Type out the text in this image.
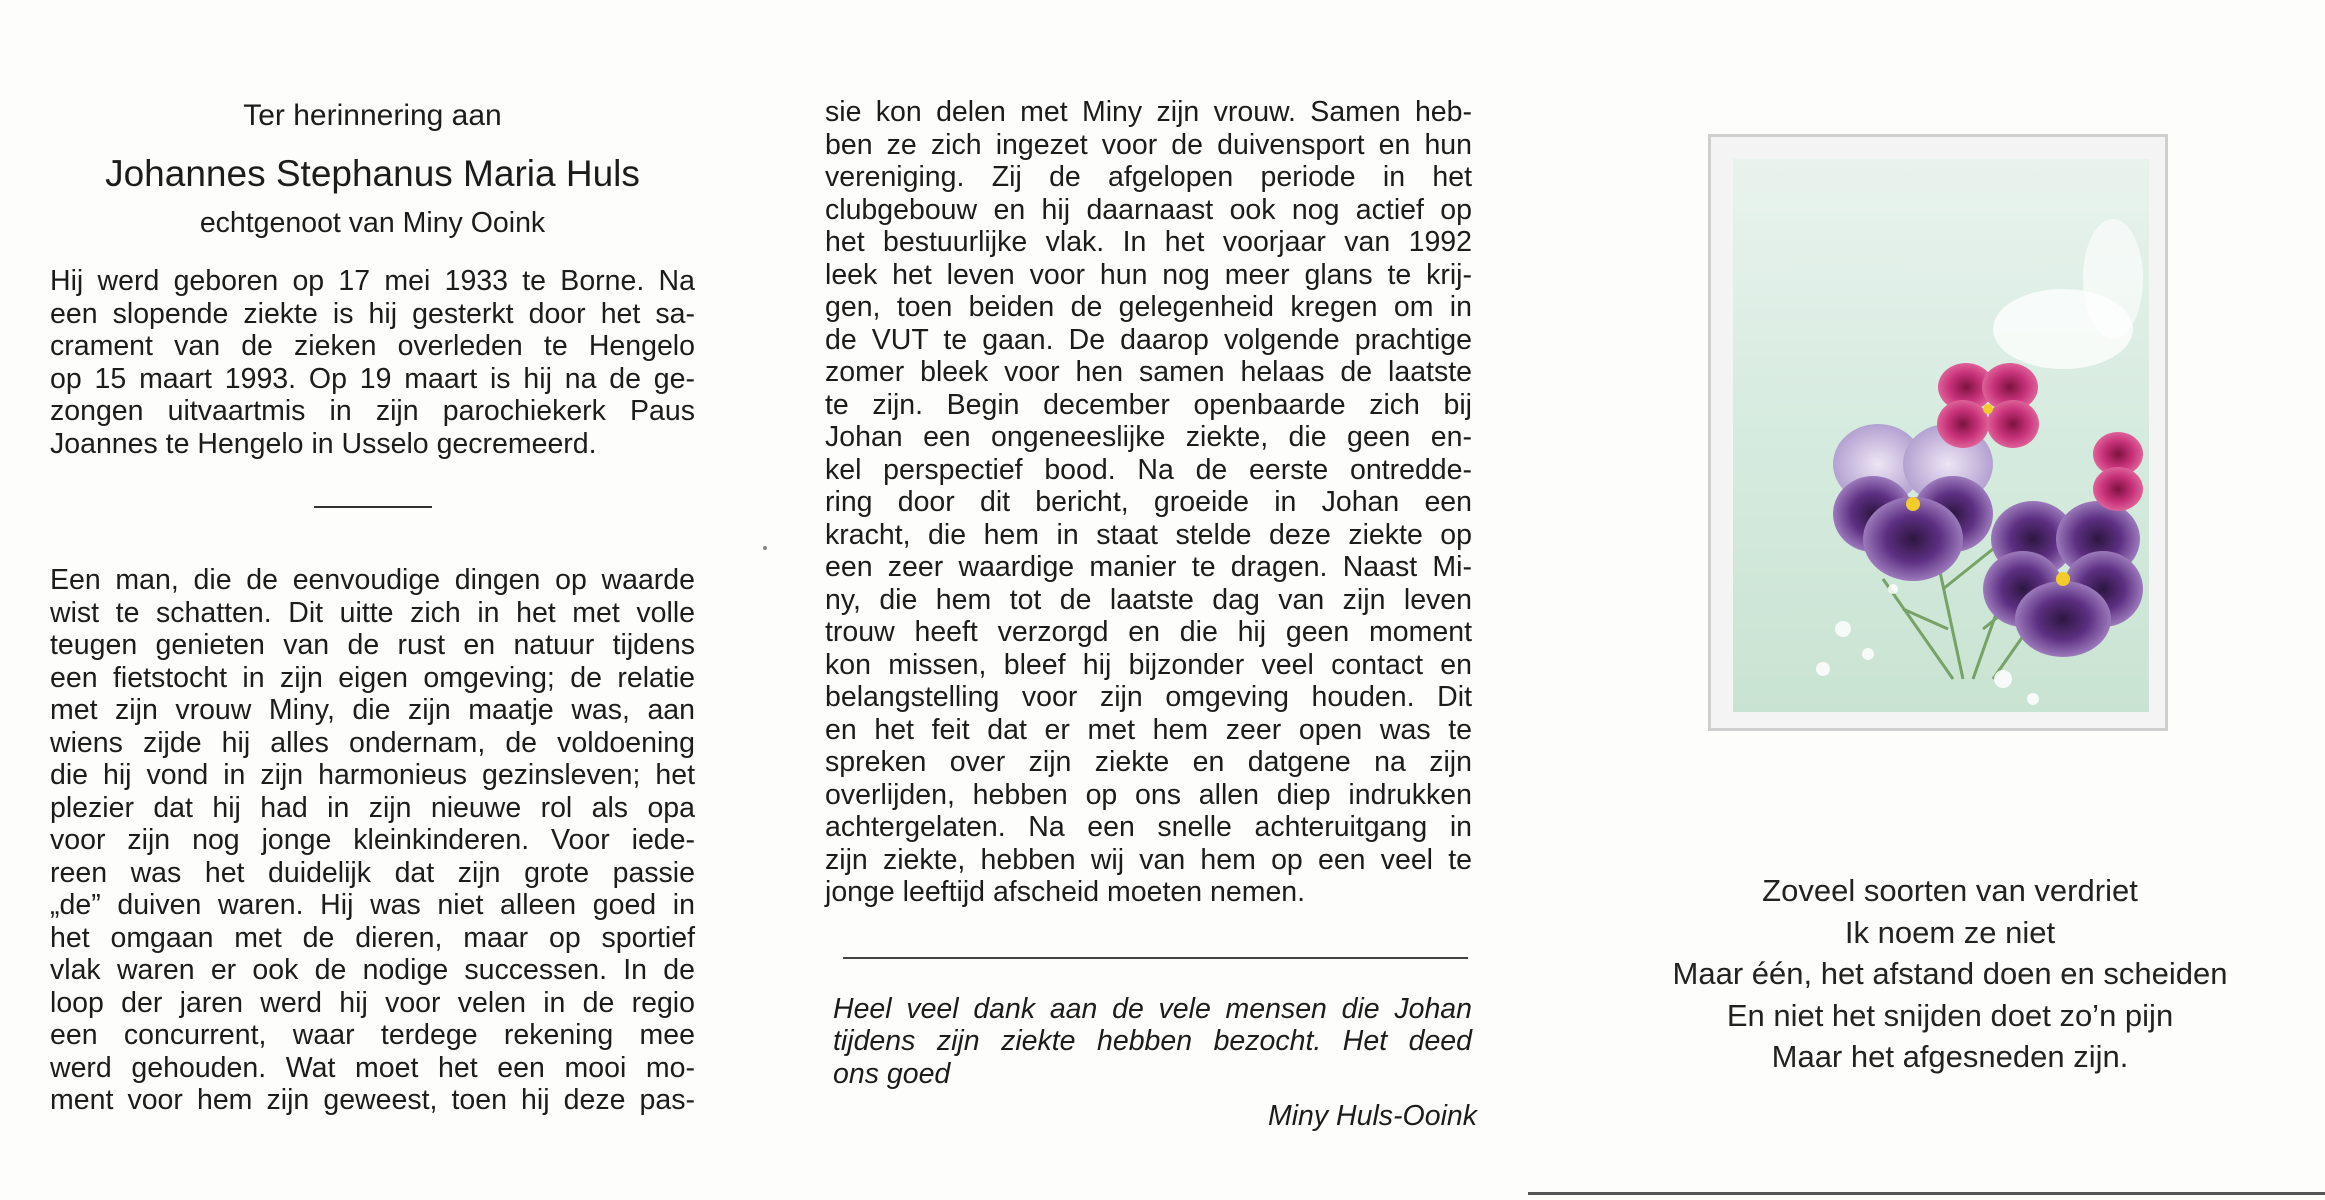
Ter herinnering aan
Johannes Stephanus Maria Huls
echtgenoot van Miny Ooink
Hij werd geboren op 17 mei 1933 te Borne. Na
een slopende ziekte is hij gesterkt door het sa-
crament van de zieken overleden te Hengelo
op 15 maart 1993. Op 19 maart is hij na de ge-
zongen uitvaartmis in zijn parochiekerk Paus
Joannes te Hengelo in Usselo gecremeerd.
Een man, die de eenvoudige dingen op waarde
wist te schatten. Dit uitte zich in het met volle
teugen genieten van de rust en natuur tijdens
een fietstocht in zijn eigen omgeving; de relatie
met zijn vrouw Miny, die zijn maatje was, aan
wiens zijde hij alles ondernam, de voldoening
die hij vond in zijn harmonieus gezinsleven; het
plezier dat hij had in zijn nieuwe rol als opa
voor zijn nog jonge kleinkinderen. Voor iede-
reen was het duidelijk dat zijn grote passie
„de” duiven waren. Hij was niet alleen goed in
het omgaan met de dieren, maar op sportief
vlak waren er ook de nodige successen. In de
loop der jaren werd hij voor velen in de regio
een concurrent, waar terdege rekening mee
werd gehouden. Wat moet het een mooi mo-
ment voor hem zijn geweest, toen hij deze pas-
sie kon delen met Miny zijn vrouw. Samen heb-
ben ze zich ingezet voor de duivensport en hun
vereniging. Zij de afgelopen periode in het
clubgebouw en hij daarnaast ook nog actief op
het bestuurlijke vlak. In het voorjaar van 1992
leek het leven voor hun nog meer glans te krij-
gen, toen beiden de gelegenheid kregen om in
de VUT te gaan. De daarop volgende prachtige
zomer bleek voor hen samen helaas de laatste
te zijn. Begin december openbaarde zich bij
Johan een ongeneeslijke ziekte, die geen en-
kel perspectief bood. Na de eerste ontredde-
ring door dit bericht, groeide in Johan een
kracht, die hem in staat stelde deze ziekte op
een zeer waardige manier te dragen. Naast Mi-
ny, die hem tot de laatste dag van zijn leven
trouw heeft verzorgd en die hij geen moment
kon missen, bleef hij bijzonder veel contact en
belangstelling voor zijn omgeving houden. Dit
en het feit dat er met hem zeer open was te
spreken over zijn ziekte en datgene na zijn
overlijden, hebben op ons allen diep indrukken
achtergelaten. Na een snelle achteruitgang in
zijn ziekte, hebben wij van hem op een veel te
jonge leeftijd afscheid moeten nemen.
Heel veel dank aan de vele mensen die Johan
tijdens zijn ziekte hebben bezocht. Het deed
ons goed
Miny Huls-Ooink
Zoveel soorten van verdriet
Ik noem ze niet
Maar één, het afstand doen en scheiden
En niet het snijden doet zo’n pijn
Maar het afgesneden zijn.
